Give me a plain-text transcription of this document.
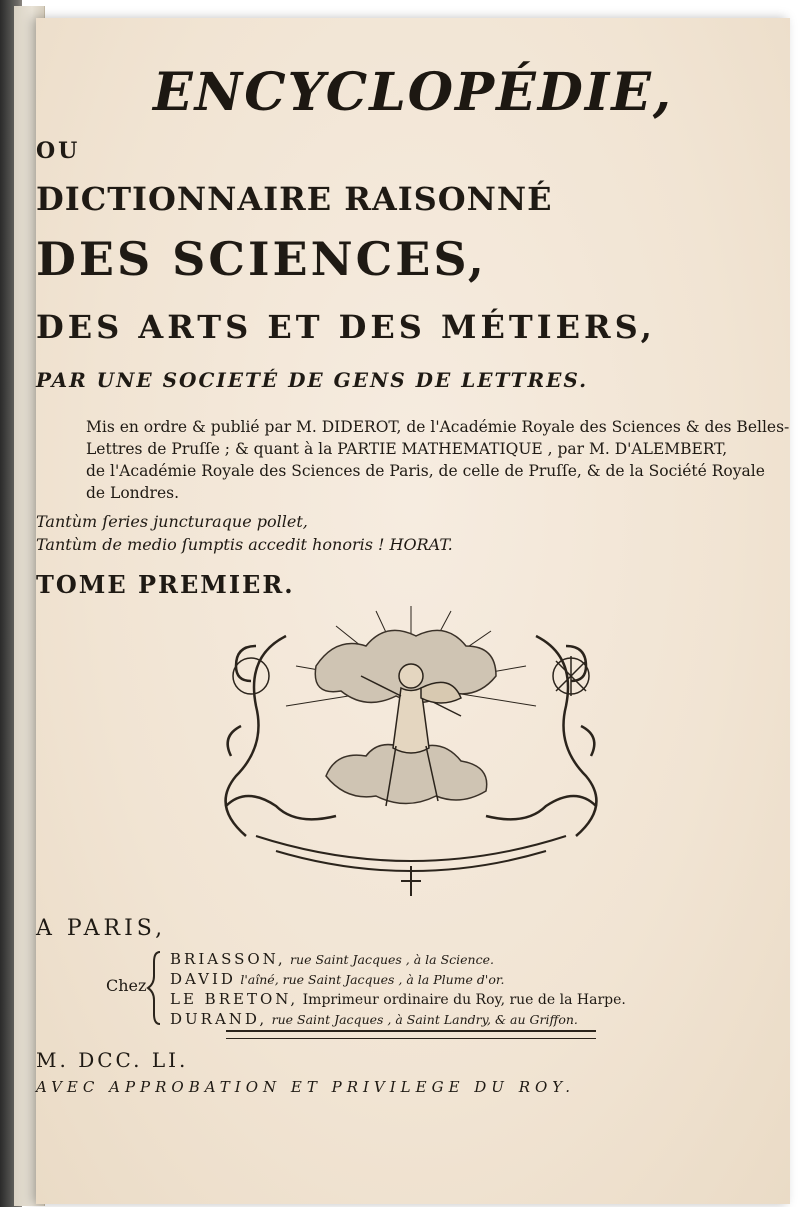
ENCYCLOPÉDIE,
OU
DICTIONNAIRE RAISONNÉ
DES SCIENCES,
DES ARTS ET DES MÉTIERS,
PAR UNE SOCIETÉ DE GENS DE LETTRES.
Mis en ordre & publié par M. DIDEROT, de l'Académie Royale des Sciences & des Belles-
Lettres de Pruſſe ; & quant à la PARTIE MATHEMATIQUE , par M. D'ALEMBERT,
de l'Académie Royale des Sciences de Paris, de celle de Pruſſe, & de la Société Royale
de Londres.
Tantùm ſeries juncturaque pollet,
Tantùm de medio ſumptis accedit honoris ! HORAT.
TOME PREMIER.
A PARIS,
Chez
BRIASSON, rue Saint Jacques , à la Science.
DAVID l'aîné, rue Saint Jacques , à la Plume d'or.
LE BRETON, Imprimeur ordinaire du Roy, rue de la Harpe.
DURAND, rue Saint Jacques , à Saint Landry, & au Griffon.
M. DCC. LI.
AVEC APPROBATION ET PRIVILEGE DU ROY.
